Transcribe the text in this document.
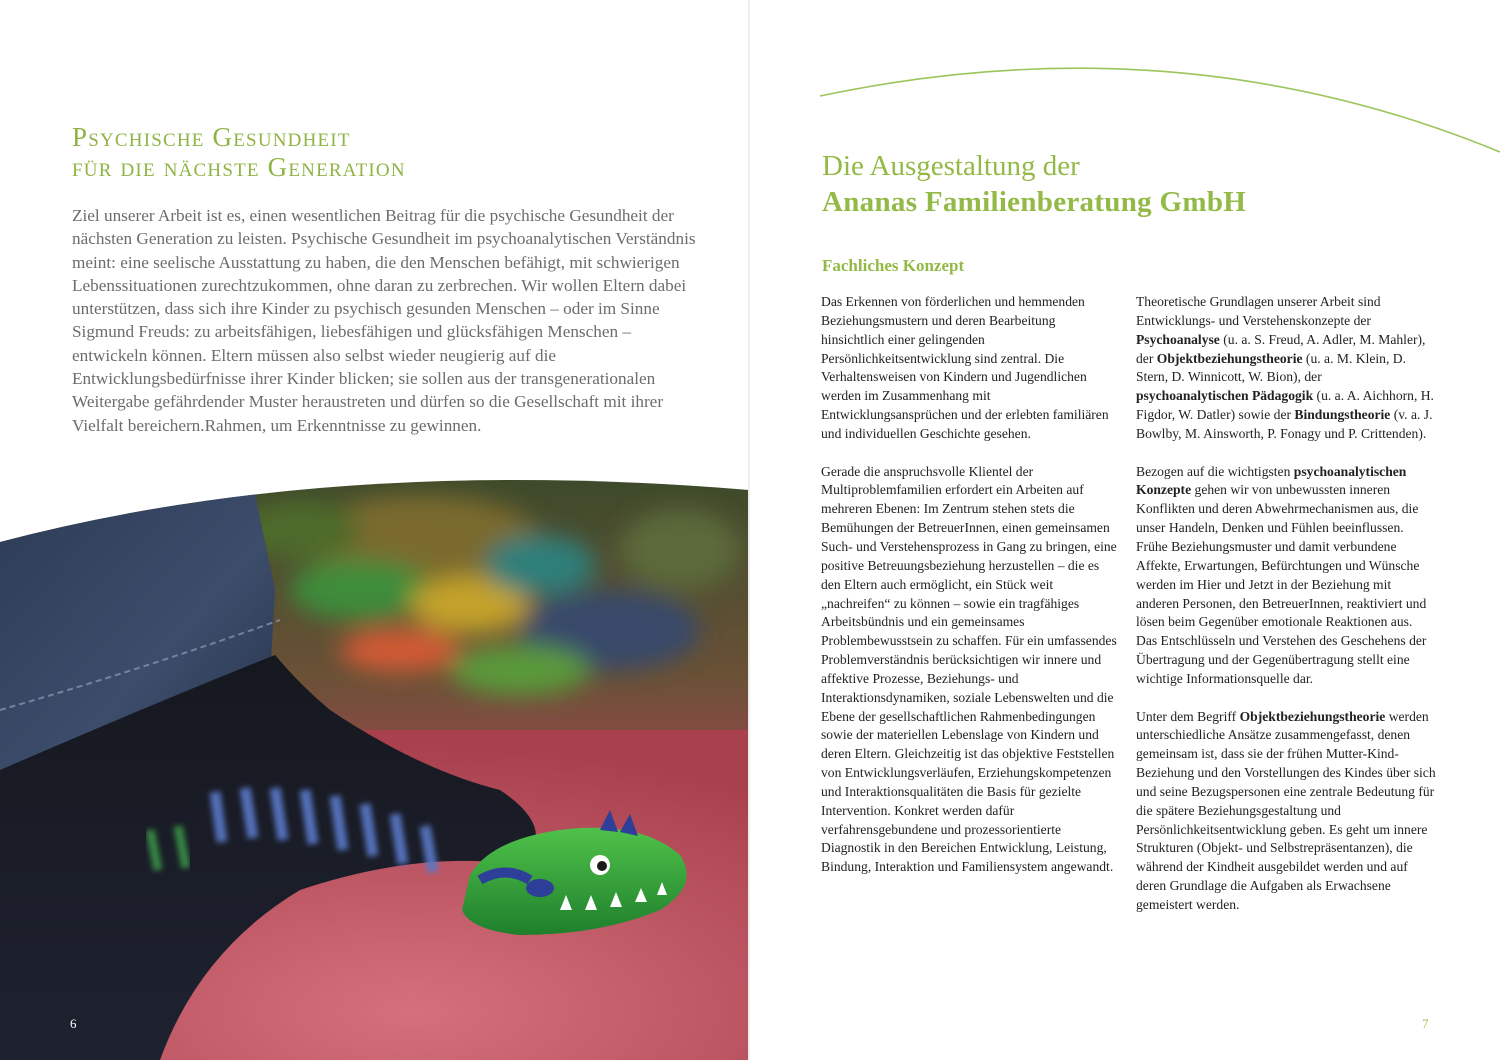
Psychische Gesundheit
für die nächste Generation

Ziel unserer Arbeit ist es, einen wesentlichen Beitrag für die psychische Gesundheit der nächsten Generation zu leisten. Psychische Gesundheit im psychoanalytischen Verständnis meint: eine seelische Ausstattung zu haben, die den Menschen befähigt, mit schwierigen Lebenssituationen zurechtzukommen, ohne daran zu zerbrechen. Wir wollen Eltern dabei unterstützen, dass sich ihre Kinder zu psychisch gesunden Menschen – oder im Sinne Sigmund Freuds: zu arbeitsfähigen, liebesfähigen und glücksfähigen Menschen – entwickeln können. Eltern müssen also selbst wieder neugierig auf die Entwicklungsbedürfnisse ihrer Kinder blicken; sie sollen aus der transgenerationalen Weitergabe gefährdender Muster heraustreten und dürfen so die Gesellschaft mit ihrer Vielfalt bereichern.Rahmen, um Erkenntnisse zu gewinnen.

6
Die Ausgestaltung der
Ananas Familienberatung GmbH
Fachliches Konzept

Das Erkennen von förderlichen und hemmenden Beziehungsmustern und deren Bearbeitung hinsichtlich einer gelingenden Persönlichkeitsentwicklung sind zentral. Die Verhaltensweisen von Kindern und Jugendlichen werden im Zusammenhang mit Entwicklungsansprüchen und der erlebten familiären und individuellen Geschichte gesehen.

Gerade die anspruchsvolle Klientel der Multiproblemfamilien erfordert ein Arbeiten auf mehreren Ebenen: Im Zentrum stehen stets die Bemühungen der BetreuerInnen, einen gemeinsamen Such- und Verstehensprozess in Gang zu bringen, eine positive Betreuungsbeziehung herzustellen – die es den Eltern auch ermöglicht, ein Stück weit „nachreifen“ zu können – sowie ein tragfähiges Arbeitsbündnis und ein gemeinsames Problembewusstsein zu schaffen. Für ein umfassendes Problemverständnis berücksichtigen wir innere und affektive Prozesse, Beziehungs- und Interaktionsdynamiken, soziale Lebenswelten und die Ebene der gesellschaftlichen Rahmenbedingungen sowie der materiellen Lebenslage von Kindern und deren Eltern. Gleichzeitig ist das objektive Feststellen von Entwicklungsverläufen, Erziehungskompetenzen und Interaktionsqualitäten die Basis für gezielte Intervention. Konkret werden dafür verfahrensgebundene und prozessorientierte Diagnostik in den Bereichen Entwicklung, Leistung, Bindung, Interaktion und Familiensystem angewandt.

Theoretische Grundlagen unserer Arbeit sind Entwicklungs- und Verstehenskonzepte der Psychoanalyse (u. a. S. Freud, A. Adler, M. Mahler), der Objektbeziehungstheorie (u. a. M. Klein, D. Stern, D. Winnicott, W. Bion), der psychoanalytischen Pädagogik (u. a. A. Aichhorn, H. Figdor, W. Datler) sowie der Bindungstheorie (v. a. J. Bowlby, M. Ainsworth, P. Fonagy und P. Crittenden).

Bezogen auf die wichtigsten psychoanalytischen Konzepte gehen wir von unbewussten inneren Konflikten und deren Abwehrmechanismen aus, die unser Handeln, Denken und Fühlen beeinflussen. Frühe Beziehungsmuster und damit verbundene Affekte, Erwartungen, Befürchtungen und Wünsche werden im Hier und Jetzt in der Beziehung mit anderen Personen, den BetreuerInnen, reaktiviert und lösen beim Gegenüber emotionale Reaktionen aus. Das Entschlüsseln und Verstehen des Geschehens der Übertragung und der Gegenübertragung stellt eine wichtige Informationsquelle dar.

Unter dem Begriff Objektbeziehungstheorie werden unterschiedliche Ansätze zusammengefasst, denen gemeinsam ist, dass sie der frühen Mutter-Kind-Beziehung und den Vorstellungen des Kindes über sich und seine Bezugspersonen eine zentrale Bedeutung für die spätere Beziehungsgestaltung und Persönlichkeitsentwicklung geben. Es geht um innere Strukturen (Objekt- und Selbstrepräsentanzen), die während der Kindheit ausgebildet werden und auf deren Grundlage die Aufgaben als Erwachsene gemeistert werden.

7
